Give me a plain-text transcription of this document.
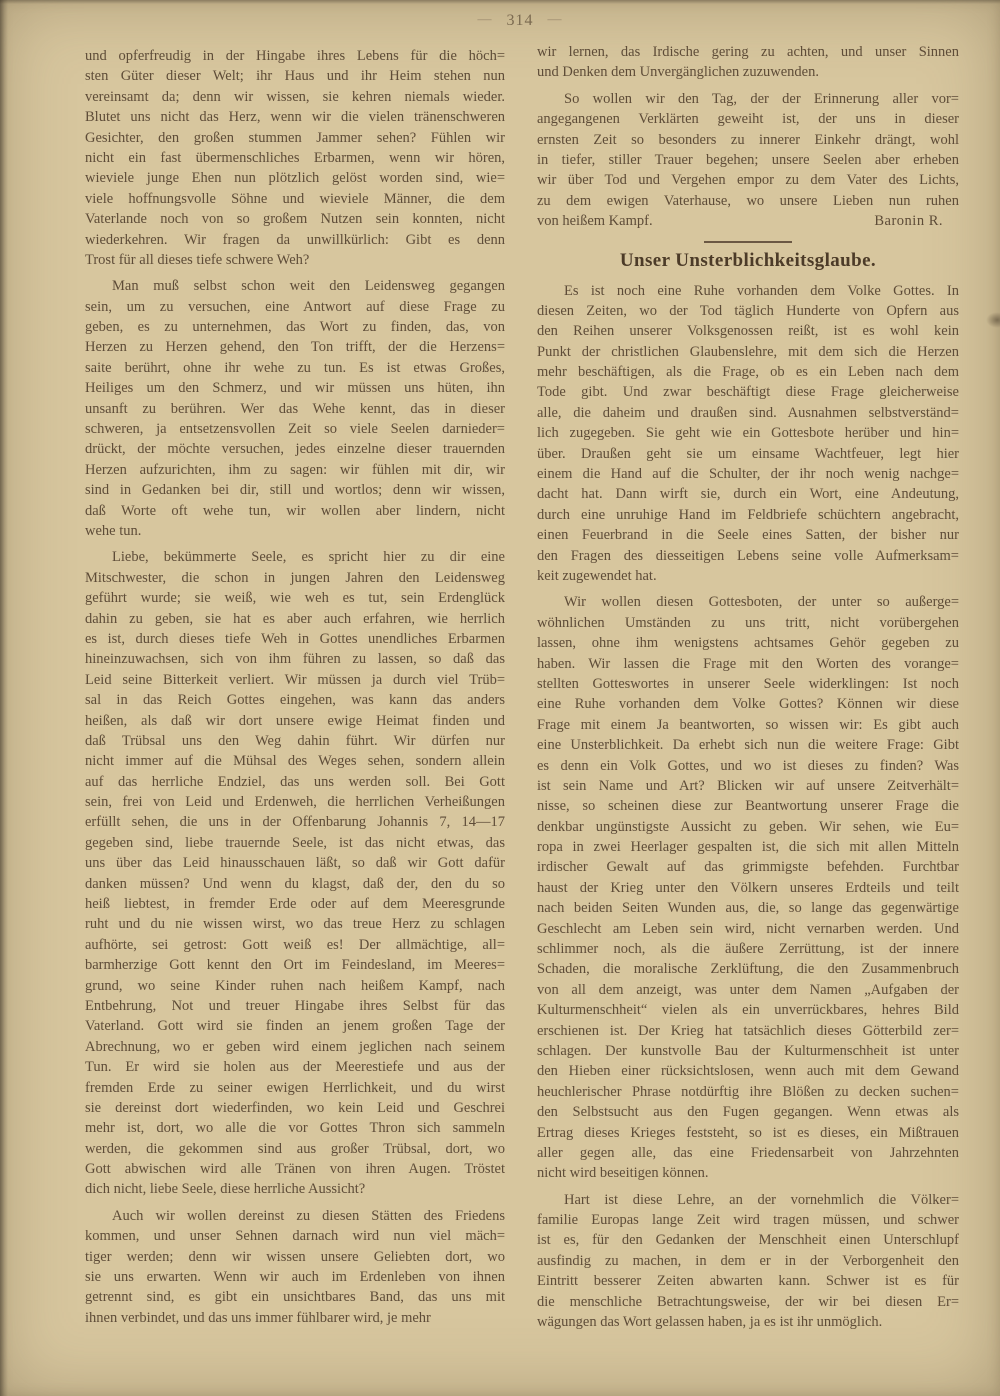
— 314 —
und opferfreudig in der Hingabe ihres Lebens für die höch=
sten Güter dieser Welt; ihr Haus und ihr Heim stehen nun
vereinsamt da; denn wir wissen, sie kehren niemals wieder.
Blutet uns nicht das Herz, wenn wir die vielen tränenschweren
Gesichter, den großen stummen Jammer sehen? Fühlen wir
nicht ein fast übermenschliches Erbarmen, wenn wir hören,
wieviele junge Ehen nun plötzlich gelöst worden sind, wie=
viele hoffnungsvolle Söhne und wieviele Männer, die dem
Vaterlande noch von so großem Nutzen sein konnten, nicht
wiederkehren. Wir fragen da unwillkürlich: Gibt es denn
Trost für all dieses tiefe schwere Weh?
Man muß selbst schon weit den Leidensweg gegangen
sein, um zu versuchen, eine Antwort auf diese Frage zu
geben, es zu unternehmen, das Wort zu finden, das, von
Herzen zu Herzen gehend, den Ton trifft, der die Herzens=
saite berührt, ohne ihr wehe zu tun. Es ist etwas Großes,
Heiliges um den Schmerz, und wir müssen uns hüten, ihn
unsanft zu berühren. Wer das Wehe kennt, das in dieser
schweren, ja entsetzensvollen Zeit so viele Seelen darnieder=
drückt, der möchte versuchen, jedes einzelne dieser trauernden
Herzen aufzurichten, ihm zu sagen: wir fühlen mit dir, wir
sind in Gedanken bei dir, still und wortlos; denn wir wissen,
daß Worte oft wehe tun, wir wollen aber lindern, nicht
wehe tun.
Liebe, bekümmerte Seele, es spricht hier zu dir eine
Mitschwester, die schon in jungen Jahren den Leidensweg
geführt wurde; sie weiß, wie weh es tut, sein Erdenglück
dahin zu geben, sie hat es aber auch erfahren, wie herrlich
es ist, durch dieses tiefe Weh in Gottes unendliches Erbarmen
hineinzuwachsen, sich von ihm führen zu lassen, so daß das
Leid seine Bitterkeit verliert. Wir müssen ja durch viel Trüb=
sal in das Reich Gottes eingehen, was kann das anders
heißen, als daß wir dort unsere ewige Heimat finden und
daß Trübsal uns den Weg dahin führt. Wir dürfen nur
nicht immer auf die Mühsal des Weges sehen, sondern allein
auf das herrliche Endziel, das uns werden soll. Bei Gott
sein, frei von Leid und Erdenweh, die herrlichen Verheißungen
erfüllt sehen, die uns in der Offenbarung Johannis 7, 14—17
gegeben sind, liebe trauernde Seele, ist das nicht etwas, das
uns über das Leid hinausschauen läßt, so daß wir Gott dafür
danken müssen? Und wenn du klagst, daß der, den du so
heiß liebtest, in fremder Erde oder auf dem Meeresgrunde
ruht und du nie wissen wirst, wo das treue Herz zu schlagen
aufhörte, sei getrost: Gott weiß es! Der allmächtige, all=
barmherzige Gott kennt den Ort im Feindesland, im Meeres=
grund, wo seine Kinder ruhen nach heißem Kampf, nach
Entbehrung, Not und treuer Hingabe ihres Selbst für das
Vaterland. Gott wird sie finden an jenem großen Tage der
Abrechnung, wo er geben wird einem jeglichen nach seinem
Tun. Er wird sie holen aus der Meerestiefe und aus der
fremden Erde zu seiner ewigen Herrlichkeit, und du wirst
sie dereinst dort wiederfinden, wo kein Leid und Geschrei
mehr ist, dort, wo alle die vor Gottes Thron sich sammeln
werden, die gekommen sind aus großer Trübsal, dort, wo
Gott abwischen wird alle Tränen von ihren Augen. Tröstet
dich nicht, liebe Seele, diese herrliche Aussicht?
Auch wir wollen dereinst zu diesen Stätten des Friedens
kommen, und unser Sehnen darnach wird nun viel mäch=
tiger werden; denn wir wissen unsere Geliebten dort, wo
sie uns erwarten. Wenn wir auch im Erdenleben von ihnen
getrennt sind, es gibt ein unsichtbares Band, das uns mit
ihnen verbindet, und das uns immer fühlbarer wird, je mehr
wir lernen, das Irdische gering zu achten, und unser Sinnen
und Denken dem Unvergänglichen zuzuwenden.
So wollen wir den Tag, der der Erinnerung aller vor=
angegangenen Verklärten geweiht ist, der uns in dieser
ernsten Zeit so besonders zu innerer Einkehr drängt, wohl
in tiefer, stiller Trauer begehen; unsere Seelen aber erheben
wir über Tod und Vergehen empor zu dem Vater des Lichts,
zu dem ewigen Vaterhause, wo unsere Lieben nun ruhen
von heißem Kampf.	Baronin R.
Unser Unsterblichkeitsglaube.
Es ist noch eine Ruhe vorhanden dem Volke Gottes. In
diesen Zeiten, wo der Tod täglich Hunderte von Opfern aus
den Reihen unserer Volksgenossen reißt, ist es wohl kein
Punkt der christlichen Glaubenslehre, mit dem sich die Herzen
mehr beschäftigen, als die Frage, ob es ein Leben nach dem
Tode gibt. Und zwar beschäftigt diese Frage gleicherweise
alle, die daheim und draußen sind. Ausnahmen selbstverständ=
lich zugegeben. Sie geht wie ein Gottesbote herüber und hin=
über. Draußen geht sie um einsame Wachtfeuer, legt hier
einem die Hand auf die Schulter, der ihr noch wenig nachge=
dacht hat. Dann wirft sie, durch ein Wort, eine Andeutung,
durch eine unruhige Hand im Feldbriefe schüchtern angebracht,
einen Feuerbrand in die Seele eines Satten, der bisher nur
den Fragen des diesseitigen Lebens seine volle Aufmerksam=
keit zugewendet hat.
Wir wollen diesen Gottesboten, der unter so außerge=
wöhnlichen Umständen zu uns tritt, nicht vorübergehen
lassen, ohne ihm wenigstens achtsames Gehör gegeben zu
haben. Wir lassen die Frage mit den Worten des vorange=
stellten Gotteswortes in unserer Seele widerklingen: Ist noch
eine Ruhe vorhanden dem Volke Gottes? Können wir diese
Frage mit einem Ja beantworten, so wissen wir: Es gibt auch
eine Unsterblichkeit. Da erhebt sich nun die weitere Frage: Gibt
es denn ein Volk Gottes, und wo ist dieses zu finden? Was
ist sein Name und Art? Blicken wir auf unsere Zeitverhält=
nisse, so scheinen diese zur Beantwortung unserer Frage die
denkbar ungünstigste Aussicht zu geben. Wir sehen, wie Eu=
ropa in zwei Heerlager gespalten ist, die sich mit allen Mitteln
irdischer Gewalt auf das grimmigste befehden. Furchtbar
haust der Krieg unter den Völkern unseres Erdteils und teilt
nach beiden Seiten Wunden aus, die, so lange das gegenwärtige
Geschlecht am Leben sein wird, nicht vernarben werden. Und
schlimmer noch, als die äußere Zerrüttung, ist der innere
Schaden, die moralische Zerklüftung, die den Zusammenbruch
von all dem anzeigt, was unter dem Namen „Aufgaben der
Kulturmenschheit“ vielen als ein unverrückbares, hehres Bild
erschienen ist. Der Krieg hat tatsächlich dieses Götterbild zer=
schlagen. Der kunstvolle Bau der Kulturmenschheit ist unter
den Hieben einer rücksichtslosen, wenn auch mit dem Gewand
heuchlerischer Phrase notdürftig ihre Blößen zu decken suchen=
den Selbstsucht aus den Fugen gegangen. Wenn etwas als
Ertrag dieses Krieges feststeht, so ist es dieses, ein Mißtrauen
aller gegen alle, das eine Friedensarbeit von Jahrzehnten
nicht wird beseitigen können.
Hart ist diese Lehre, an der vornehmlich die Völker=
familie Europas lange Zeit wird tragen müssen, und schwer
ist es, für den Gedanken der Menschheit einen Unterschlupf
ausfindig zu machen, in dem er in der Verborgenheit den
Eintritt besserer Zeiten abwarten kann. Schwer ist es für
die menschliche Betrachtungsweise, der wir bei diesen Er=
wägungen das Wort gelassen haben, ja es ist ihr unmöglich.
